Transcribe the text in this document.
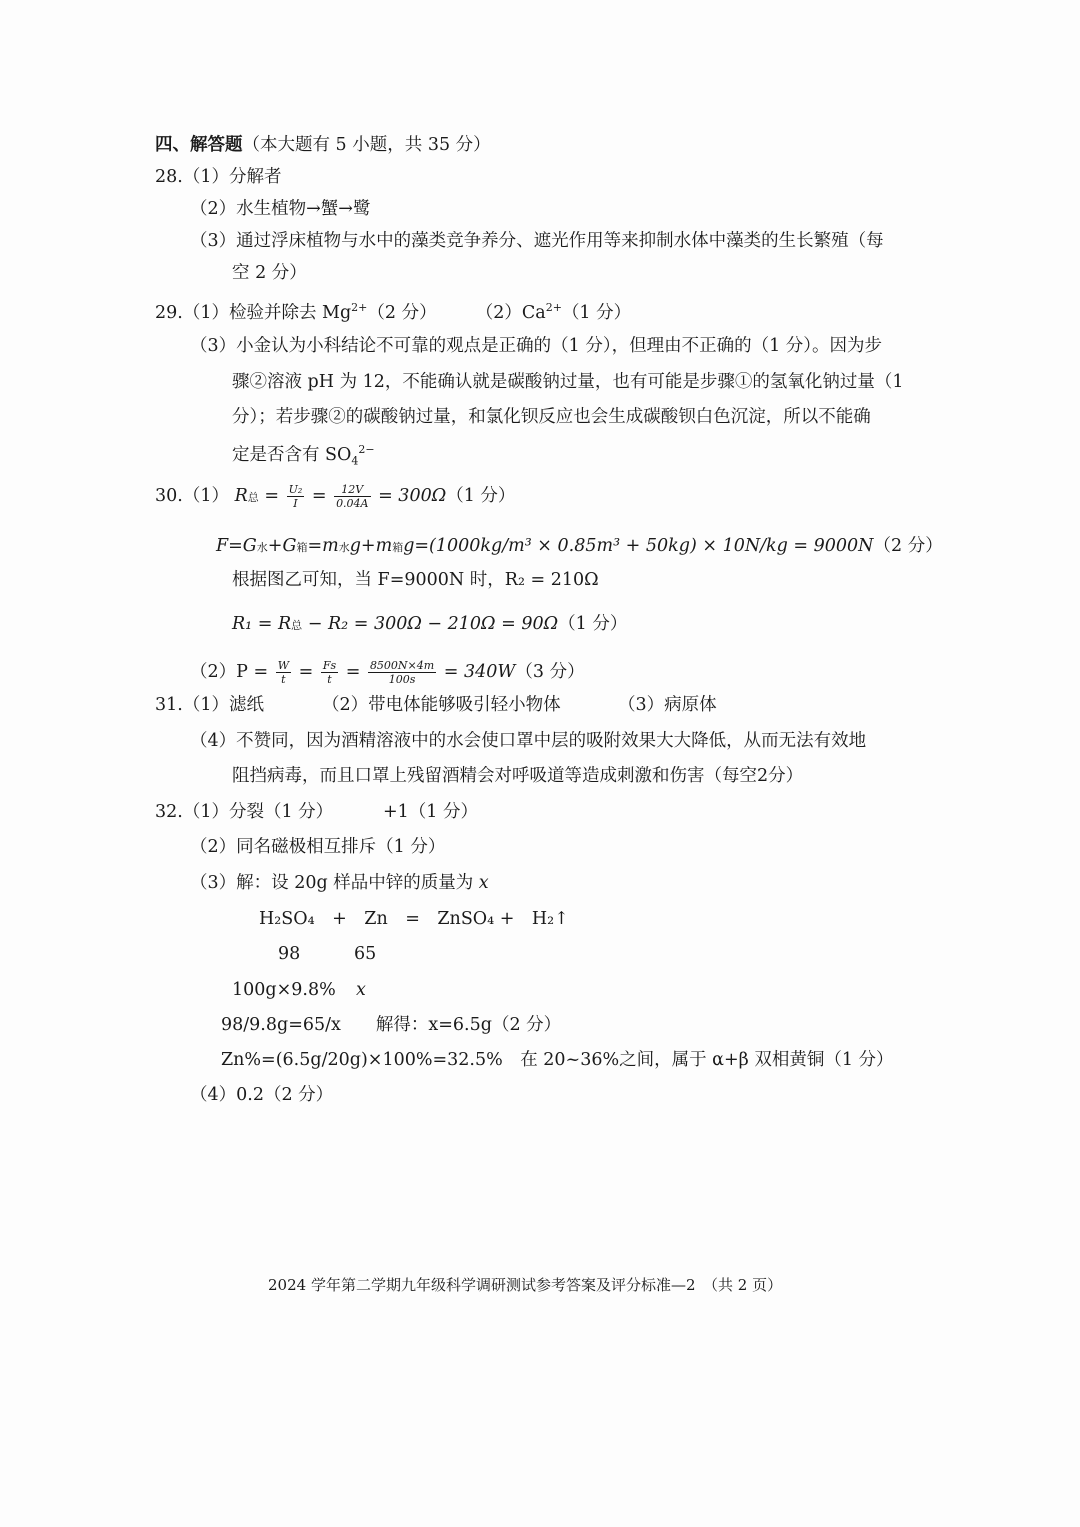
四、解答题（本大题有 5 小题，共 35 分）
28.（1）分解者
（2）水生植物→蟹→鹭
（3）通过浮床植物与水中的藻类竞争养分、遮光作用等来抑制水体中藻类的生长繁殖（每
空 2 分）
29.（1）检验并除去 $Mg^{2+}(2$ 分） $(2)Ca^{2+}(1$ 分）
（3）小金认为小科结论不可靠的观点是正确的（1 分），但理由不正确的（1 分）。因为步
骤②溶液 pH 为 12，不能确认就是碳酸钠过量，也有可能是步骤①的氢氧化钠过量（1
分）；若步骤②的碳酸钠过量，和氯化钡反应也会生成碳酸钡白色沉淀，所以不能确
定是否含有 $SO_4^{2-}$
30.（1） R总 = $\frac{\text{U₂}}{I} = \frac{12V}{0.04A} = 300\Omega(1$ 分）
F=G水+G箱=m水g+m箱g=(1000kg/m³ × 0.85m³ + 50kg) × 10N/kg = 9000N（2 分）
根据图乙可知，当 F=9000N 时，R₂ = 210Ω
R₁ = R总 − R₂ = 300Ω − 210Ω = 90Ω（1 分）
$(2)P = \frac{W}{t} = \frac{Fs}{t} = \frac{8500N\times 4m}{100s} = 340W(3$ 分）
31.（1）滤纸	（2）带电体能够吸引轻小物体	（3）病原体
（4）不赞同，因为酒精溶液中的水会使口罩中层的吸附效果大大降低，从而无法有效地
阻挡病毒，而且口罩上残留酒精会对呼吸道等造成刺激和伤害（每空2分）
32.（1）分裂（1 分）	+1（1 分）
（2）同名磁极相互排斥（1 分）
（3）解：设 20g 样品中锌的质量为 x
H₂SO₄　+　Zn　=　ZnSO₄ +　H₂↑
98	65
100g×9.8% x
98/9.8g=65/x　　解得：x=6.5g（2 分）
Zn%=(6.5g/20g)×100%=32.5%　在 20~36%之间，属于 α+β 双相黄铜（1 分）
（4）0.2（2 分）
2024 学年第二学期九年级科学调研测试参考答案及评分标准—2　（共 2 页）
